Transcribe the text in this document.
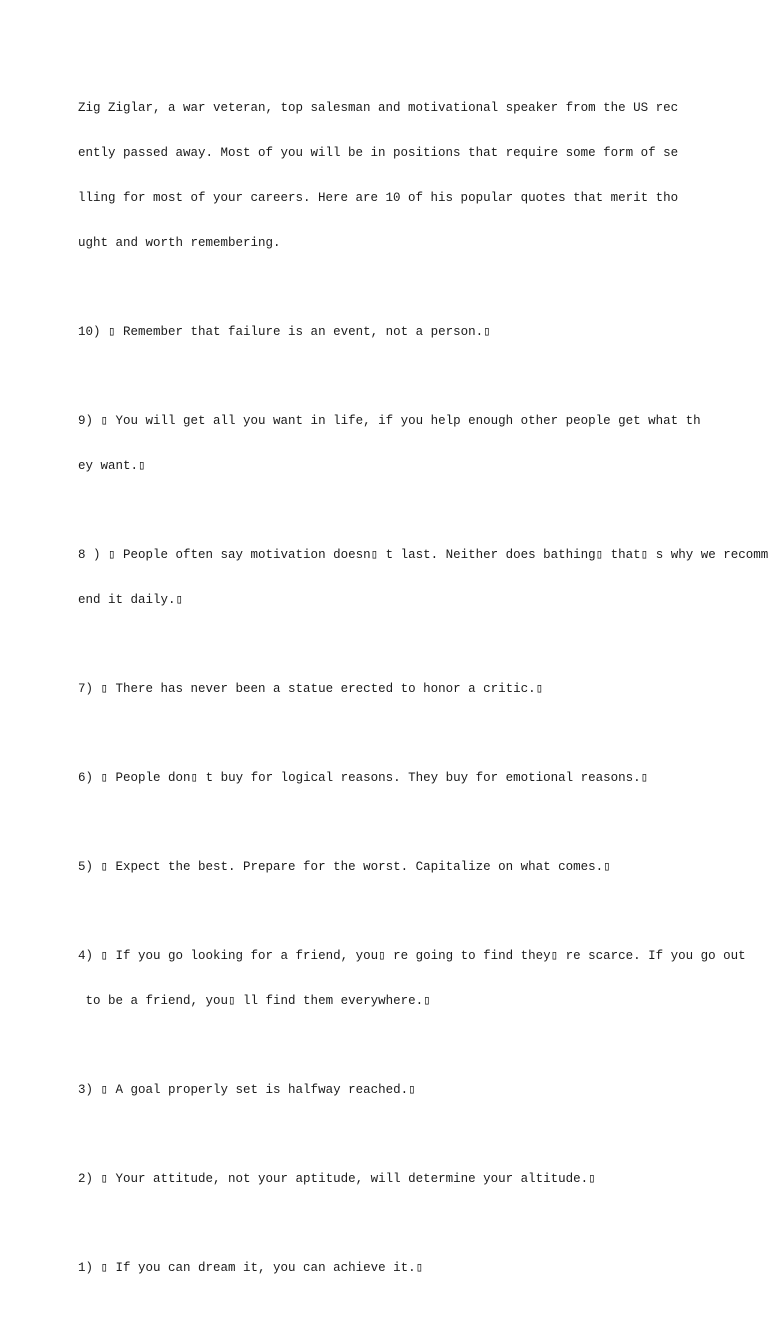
Zig Ziglar, a war veteran, top salesman and motivational speaker from the US rec

ently passed away. Most of you will be in positions that require some form of se

lling for most of your careers. Here are 10 of his popular quotes that merit tho

ught and worth remembering.

10) ▯ Remember that failure is an event, not a person.▯

9) ▯ You will get all you want in life, if you help enough other people get what th

ey want.▯

8 ) ▯ People often say motivation doesn▯ t last. Neither does bathing▯ that▯ s why we recomm

end it daily.▯

7) ▯ There has never been a statue erected to honor a critic.▯

6) ▯ People don▯ t buy for logical reasons. They buy for emotional reasons.▯

5) ▯ Expect the best. Prepare for the worst. Capitalize on what comes.▯

4) ▯ If you go looking for a friend, you▯ re going to find they▯ re scarce. If you go out

to be a friend, you▯ ll find them everywhere.▯

3) ▯ A goal properly set is halfway reached.▯

2) ▯ Your attitude, not your aptitude, will determine your altitude.▯

1) ▯ If you can dream it, you can achieve it.▯
